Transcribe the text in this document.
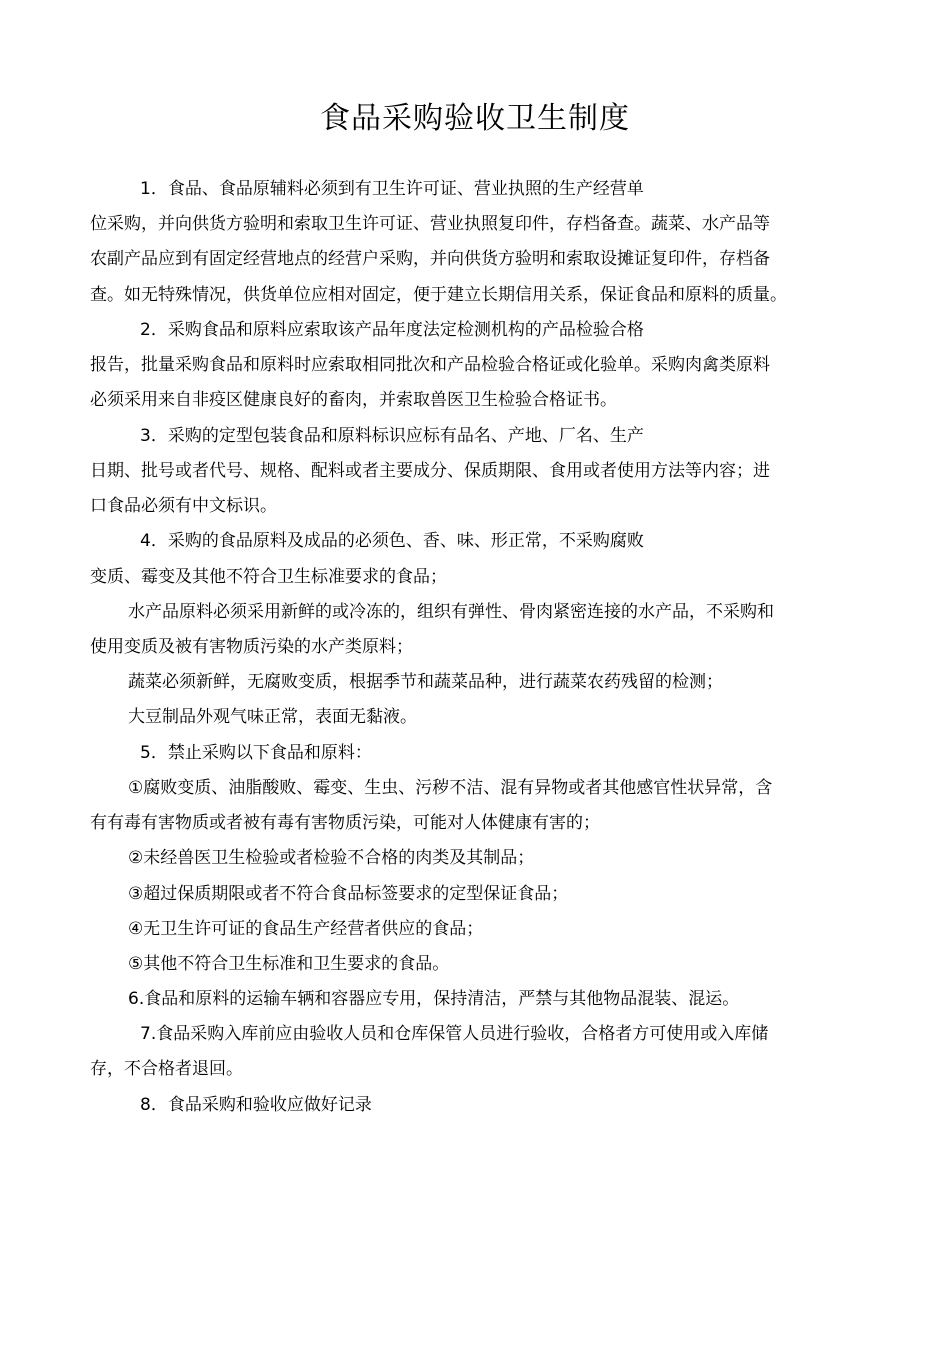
食品采购验收卫生制度
1．食品、食品原辅料必须到有卫生许可证、营业执照的生产经营单
位采购，并向供货方验明和索取卫生许可证、营业执照复印件，存档备查。蔬菜、水产品等
农副产品应到有固定经营地点的经营户采购，并向供货方验明和索取设摊证复印件，存档备
查。如无特殊情况，供货单位应相对固定，便于建立长期信用关系，保证食品和原料的质量。
2．采购食品和原料应索取该产品年度法定检测机构的产品检验合格
报告，批量采购食品和原料时应索取相同批次和产品检验合格证或化验单。采购肉禽类原料
必须采用来自非疫区健康良好的畜肉，并索取兽医卫生检验合格证书。
3．采购的定型包装食品和原料标识应标有品名、产地、厂名、生产
日期、批号或者代号、规格、配料或者主要成分、保质期限、食用或者使用方法等内容；进
口食品必须有中文标识。
4．采购的食品原料及成品的必须色、香、味、形正常，不采购腐败
变质、霉变及其他不符合卫生标准要求的食品；
水产品原料必须采用新鲜的或冷冻的，组织有弹性、骨肉紧密连接的水产品，不采购和
使用变质及被有害物质污染的水产类原料；
蔬菜必须新鲜，无腐败变质，根据季节和蔬菜品种，进行蔬菜农药残留的检测；
大豆制品外观气味正常，表面无黏液。
5．禁止采购以下食品和原料：
①腐败变质、油脂酸败、霉变、生虫、污秽不洁、混有异物或者其他感官性状异常，含
有有毒有害物质或者被有毒有害物质污染，可能对人体健康有害的；
②未经兽医卫生检验或者检验不合格的肉类及其制品；
③超过保质期限或者不符合食品标签要求的定型保证食品；
④无卫生许可证的食品生产经营者供应的食品；
⑤其他不符合卫生标准和卫生要求的食品。
6.食品和原料的运输车辆和容器应专用，保持清洁，严禁与其他物品混装、混运。
7.食品采购入库前应由验收人员和仓库保管人员进行验收，合格者方可使用或入库储
存，不合格者退回。
8．食品采购和验收应做好记录
